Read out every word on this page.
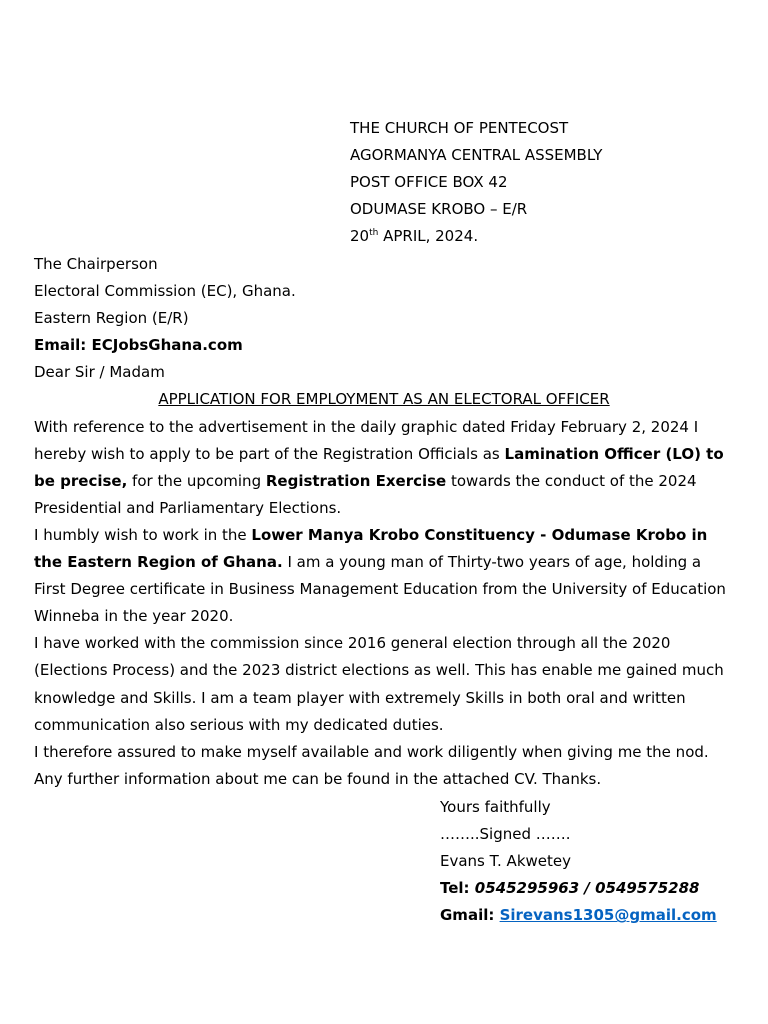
THE CHURCH OF PENTECOST
AGORMANYA CENTRAL ASSEMBLY
POST OFFICE BOX 42
ODUMASE KROBO – E/R
20th APRIL, 2024.
The Chairperson
Electoral Commission (EC), Ghana.
Eastern Region (E/R)
Email: ECJobsGhana.com
Dear Sir / Madam
APPLICATION FOR EMPLOYMENT AS AN ELECTORAL OFFICER
With reference to the advertisement in the daily graphic dated Friday February 2, 2024 I hereby wish to apply to be part of the Registration Officials as Lamination Officer (LO) to be precise, for the upcoming Registration Exercise towards the conduct of the 2024 Presidential and Parliamentary Elections.
I humbly wish to work in the Lower Manya Krobo Constituency - Odumase Krobo in the Eastern Region of Ghana. I am a young man of Thirty-two years of age, holding a First Degree certificate in Business Management Education from the University of Education Winneba in the year 2020.
I have worked with the commission since 2016 general election through all the 2020 (Elections Process) and the 2023 district elections as well. This has enable me gained much knowledge and Skills. I am a team player with extremely Skills in both oral and written communication also serious with my dedicated duties.
I therefore assured to make myself available and work diligently when giving me the nod. Any further information about me can be found in the attached CV. Thanks.
Yours faithfully
……..Signed …….
Evans T. Akwetey
Tel: 0545295963 / 0549575288
Gmail: Sirevans1305@gmail.com
